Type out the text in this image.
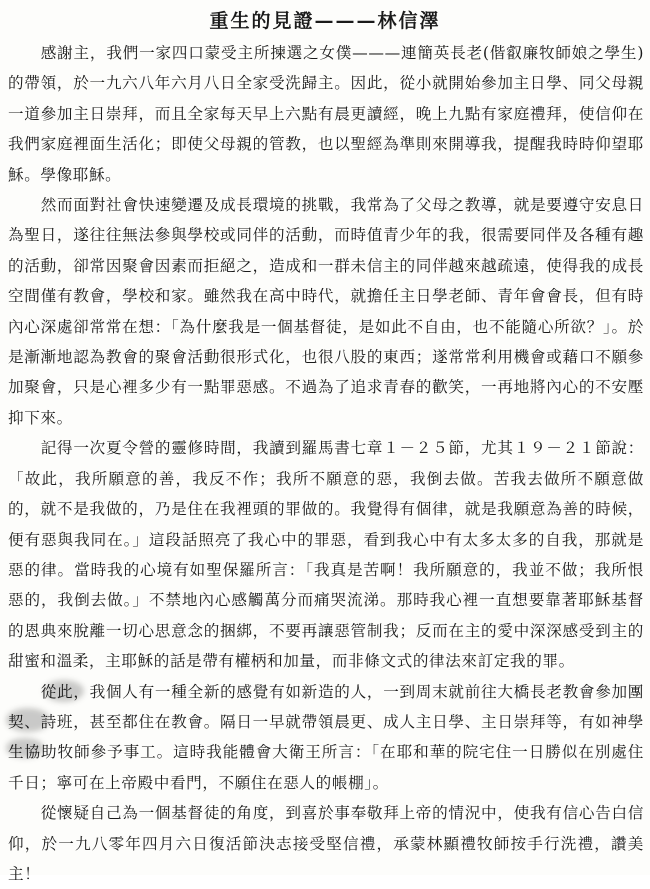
重生的見證———林信澤

感謝主，我們一家四口蒙受主所揀選之女僕———連簡英長老(偕叡廉牧師娘之學生)的帶領，於一九六八年六月八日全家受洗歸主。因此，從小就開始參加主日學、同父母親一道參加主日崇拜，而且全家每天早上六點有晨更讀經，晚上九點有家庭禮拜，使信仰在我們家庭裡面生活化；即使父母親的管教，也以聖經為準則來開導我，提醒我時時仰望耶穌。學像耶穌。

然而面對社會快速變遷及成長環境的挑戰，我常為了父母之教導，就是要遵守安息日為聖日，遂往往無法參與學校或同伴的活動，而時值青少年的我，很需要同伴及各種有趣的活動，卻常因聚會因素而拒絕之，造成和一群未信主的同伴越來越疏遠，使得我的成長空間僅有教會，學校和家。雖然我在高中時代，就擔任主日學老師、青年會會長，但有時內心深處卻常常在想：「為什麼我是一個基督徒，是如此不自由，也不能隨心所欲？」。於是漸漸地認為教會的聚會活動很形式化，也很八股的東西；遂常常利用機會或藉口不願參加聚會，只是心裡多少有一點罪惡感。不過為了追求青春的歡笑，一再地將內心的不安壓抑下來。

記得一次夏令營的靈修時間，我讀到羅馬書七章１－２５節，尤其１９－２１節說：「故此，我所願意的善，我反不作；我所不願意的惡，我倒去做。苦我去做所不願意做的，就不是我做的，乃是住在我裡頭的罪做的。我覺得有個律，就是我願意為善的時候，便有惡與我同在。」這段話照亮了我心中的罪惡，看到我心中有太多太多的自我，那就是惡的律。當時我的心境有如聖保羅所言：「我真是苦啊！我所願意的，我並不做；我所恨惡的，我倒去做。」不禁地內心感觸萬分而痛哭流涕。那時我心裡一直想要靠著耶穌基督的恩典來脫離一切心思意念的捆綁，不要再讓惡管制我；反而在主的愛中深深感受到主的甜蜜和溫柔，主耶穌的話是帶有權柄和加量，而非條文式的律法來訂定我的罪。

從此，我個人有一種全新的感覺有如新造的人，一到周末就前往大橋長老教會參加團契、詩班，甚至都住在教會。隔日一早就帶領晨更、成人主日學、主日崇拜等，有如神學生協助牧師參予事工。這時我能體會大衛王所言：「在耶和華的院宅住一日勝似在別處住千日；寧可在上帝殿中看門，不願住在惡人的帳棚」。

從懷疑自己為一個基督徒的角度，到喜於事奉敬拜上帝的情況中，使我有信心告白信仰，於一九八零年四月六日復活節決志接受堅信禮，承蒙林顯禮牧師按手行洗禮，讚美主！
